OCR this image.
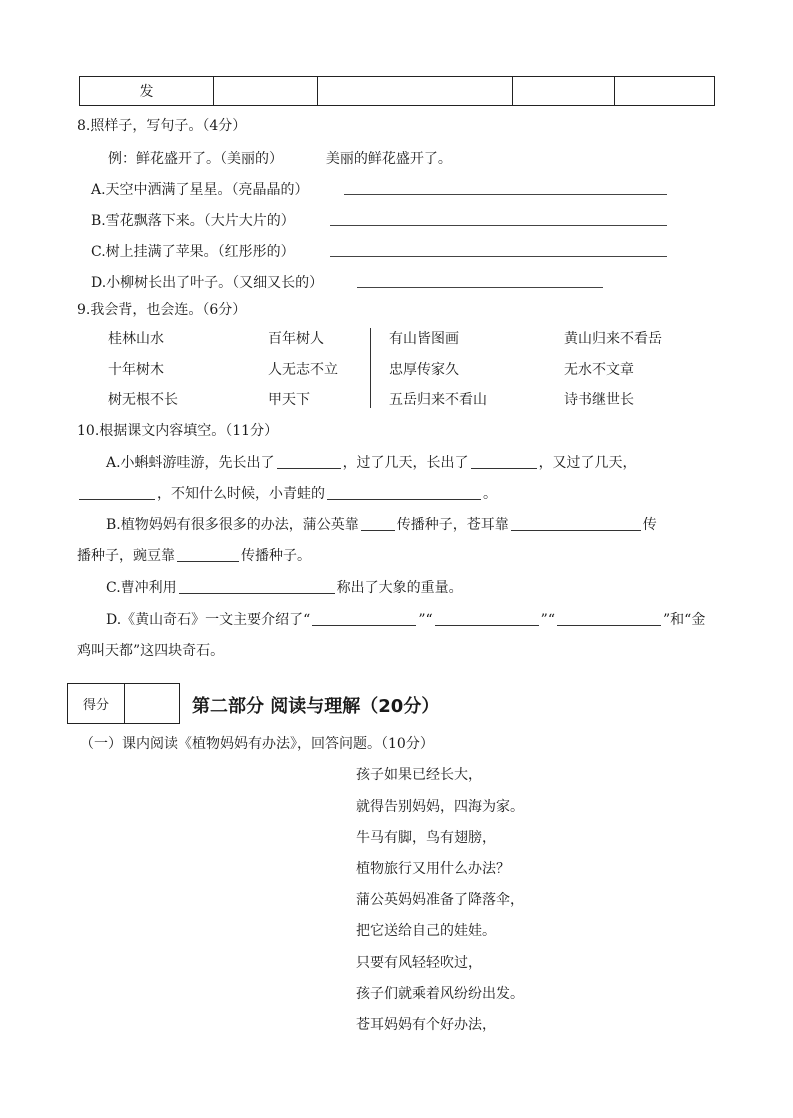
发				
8.照样子，写句子。（4分）
例：鲜花盛开了。（美丽的）	美丽的鲜花盛开了。
A.天空中洒满了星星。（亮晶晶的）
B.雪花飘落下来。（大片大片的）
C.树上挂满了苹果。（红彤彤的）
D.小柳树长出了叶子。（又细又长的）
9.我会背，也会连。（6分）
桂林山水	百年树人	有山皆图画	黄山归来不看岳
十年树木	人无志不立	忠厚传家久	无水不文章
树无根不长	甲天下	五岳归来不看山	诗书继世长
10.根据课文内容填空。（11分）
A.小蝌蚪游哇游，先长出了	，过了几天，长出了	，又过了几天，
，不知什么时候，小青蛙的	。
B.植物妈妈有很多很多的办法，蒲公英靠	传播种子，苍耳靠	传
播种子，豌豆靠	传播种子。
C.曹冲利用	称出了大象的重量。
D.《黄山奇石》一文主要介绍了“	”“	”“	”和“金
鸡叫天都”这四块奇石。
得分	第二部分 阅读与理解（20分）
（一）课内阅读《植物妈妈有办法》，回答问题。（10分）
孩子如果已经长大，
就得告别妈妈，四海为家。
牛马有脚，鸟有翅膀，
植物旅行又用什么办法？
蒲公英妈妈准备了降落伞，
把它送给自己的娃娃。
只要有风轻轻吹过，
孩子们就乘着风纷纷出发。
苍耳妈妈有个好办法，
